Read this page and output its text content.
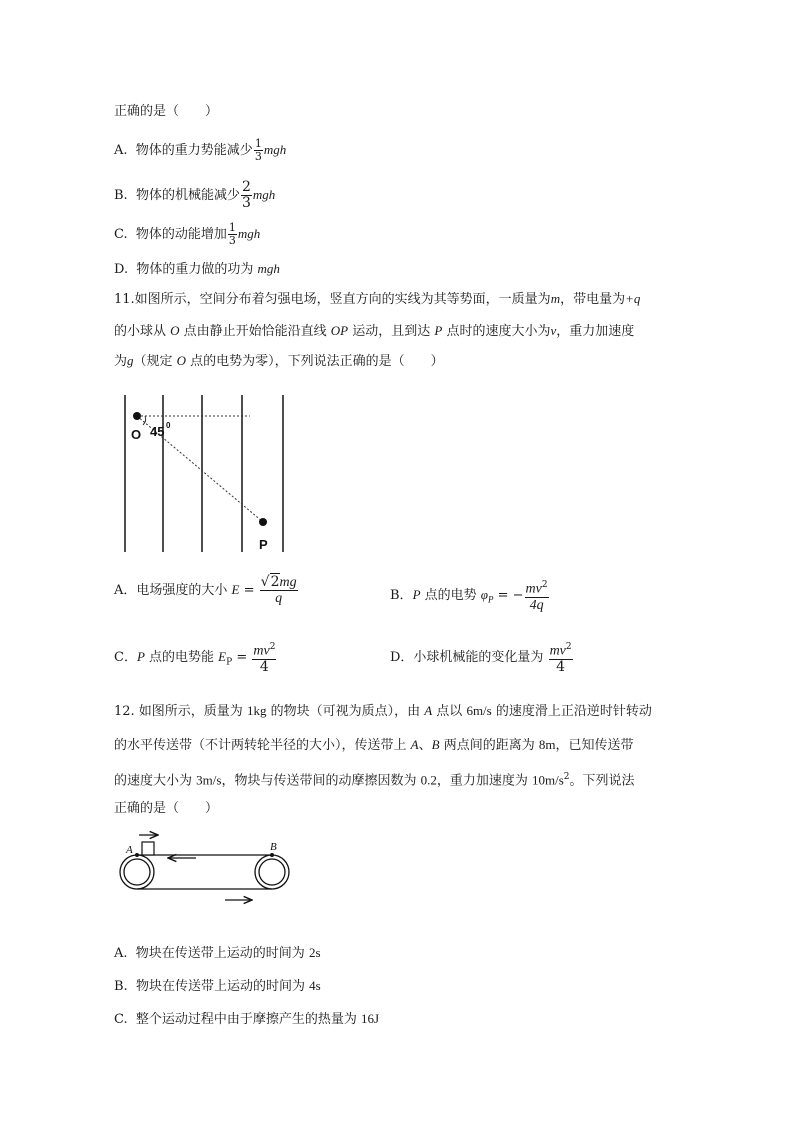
正确的是（　　）
A. 物体的重力势能减少 $\frac{1}{3}$ mgh
B. 物体的机械能减少 $\frac{2}{3}$ mgh
C. 物体的动能增加 $\frac{1}{3}$ mgh
D. 物体的重力做的功为 mgh
11.如图所示，空间分布着匀强电场，竖直方向的实线为其等势面，一质量为m，带电量为+q
的小球从 O 点由静止开始恰能沿直线 OP 运动，且到达 P 点时的速度大小为v，重力加速度
为g（规定 O 点的电势为零），下列说法正确的是（　　）
O 45 0
P
A．电场强度的大小 $E = \frac{√2mg}{q}$	B．P 点的电势 $\varphi_P$ = − $\frac{mv^2}{4q}$
C．P 点的电势能 $E_P = \frac{mv^2}{4}$	D．小球机械能的变化量为 $\frac{mv^2}{4}$
12. 如图所示，质量为 1kg 的物块（可视为质点），由 A 点以 6m/s 的速度滑上正沿逆时针转动
的水平传送带（不计两转轮半径的大小），传送带上 A、B 两点间的距离为 8m，已知传送带
的速度大小为 3m/s，物块与传送带间的动摩擦因数为 0.2，重力加速度为 $10m/s^2$。下列说法
正确的是（　　）
A	B
A. 物块在传送带上运动的时间为 2s
B. 物块在传送带上运动的时间为 4s
C. 整个运动过程中由于摩擦产生的热量为 16J
